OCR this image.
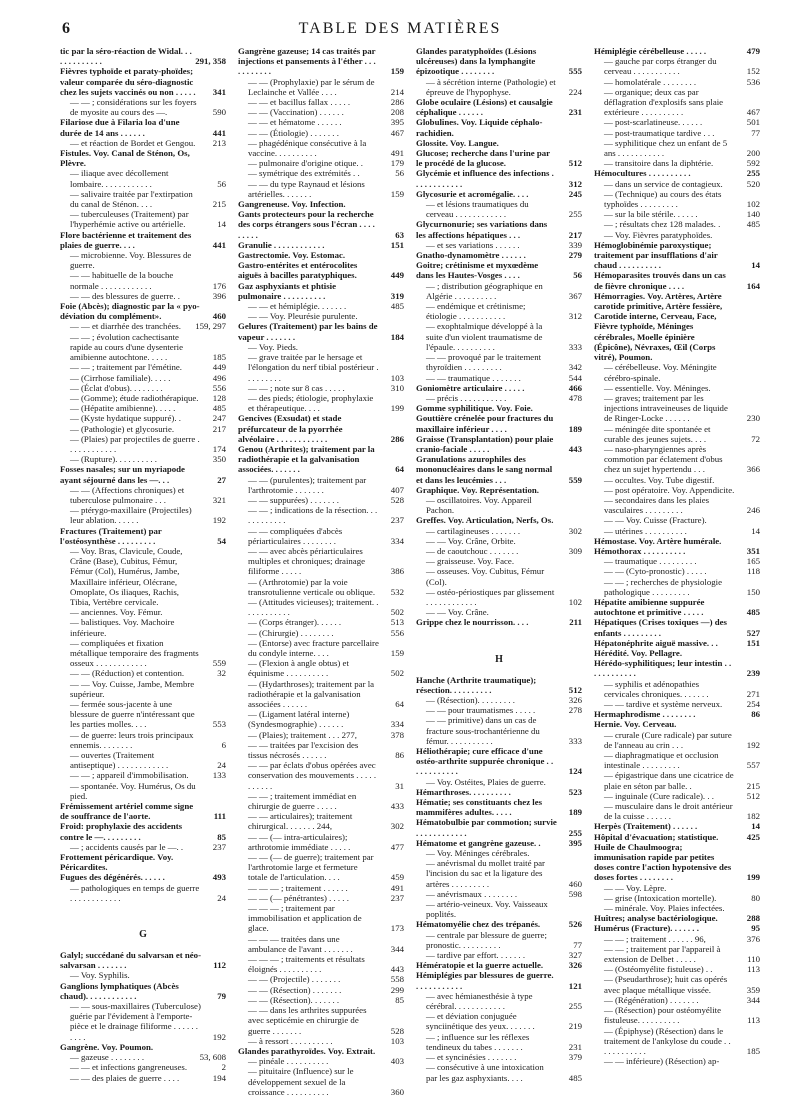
6	TABLE DES MATIÈRES
tic par la séro-réaction de Widal. . . . . . . . . . . . .	291, 358
Fièvres typhoïde et paraty-phoïdes; valeur comparée du séro-diagnostic chez les sujets vaccinés ou non . . . . .	341
— — ; considérations sur les foyers de myosite au cours des —.	590
Filariose due à Filaria loa d'une durée de 14 ans . . . . . .	441
— et réaction de Bordet et Gengou.	213
Fistules. Voy. Canal de Sténon, Os, Plèvre.
— iliaque avec décollement lombaire. . . . . . . . . . . .	56
— salivaire traitée par l'extirpation du canal de Sténon. . . .	215
— tuberculeuses (Traitement) par l'hyperhémie active ou artérielle.	14
Flore bactérienne et traitement des plaies de guerre. . . .	441
— microbienne. Voy. Blessures de guerre.
— — habituelle de la bouche normale . . . . . . . . . . . .	176
— — des blessures de guerre. .	396
Foie (Abcès); diagnostic par la « pyo-déviation du complément».	460
— — et diarrhée des tranchées.	159, 297
— — ; évolution cachectisante rapide au cours d'une dysenterie amibienne autochtone. . . . .	185
— — ; traitement par l'émétine.	449
— (Cirrhose familiale). . . . .	496
— (Éclat d'obus). . . . . . . .	556
— (Gomme); étude radiothérapique.	128
— (Hépatite amibienne). . . . .	485
— (Kyste hydatique suppuré). .	247
— (Pathologie) et glycosurie.	217
— (Plaies) par projectiles de guerre . . . . . . . . . . . .	174
— (Rupture). . . . . . . . . .	350
Fosses nasales; sur un myriapode ayant séjourné dans les —. . .	27
— — (Affections chroniques) et tuberculose pulmonaire . . .	321
— ptérygo-maxillaire (Projectiles) leur ablation. . . . . .	192
Fractures (Traitement) par l'ostéosynthèse . . . . . . . . .	54
— Voy. Bras, Clavicule, Coude, Crâne (Base), Cubitus, Fémur, Fémur (Col), Humérus, Jambe, Maxillaire inférieur, Olécrane, Omoplate, Os iliaques, Rachis, Tibia, Vertèbre cervicale.
— anciennes. Voy. Fémur.
— balistiques. Voy. Machoire inférieure.
— compliquées et fixation métallique temporaire des fragments osseux . . . . . . . . . . . .	559
— — (Réduction) et contention.	32
— — Voy. Cuisse, Jambe, Membre supérieur.
— fermée sous-jacente à une blessure de guerre n'intéressant que les parties molles. . . .	553
— de guerre: leurs trois principaux ennemis. . . . . . . .	6
— ouvertes (Traitement antiseptique) . . . . . . . . . . . .	24
— — ; appareil d'immobilisation.	133
— spontanée. Voy. Humérus, Os du pied.
Frémissement artériel comme signe de souffrance de l'aorte.	111
Froid: prophylaxie des accidents contre le —. . . . . . . . .	85
— ; accidents causés par le —. .	237
Frottement péricardique. Voy. Péricardites.
Fugues des dégénérés. . . . . .	493
— pathologiques en temps de guerre . . . . . . . . . . . .	24
G
Galyl; succédané du salvarsan et néo-salvarsan . . . . . . .	112
— Voy. Syphilis.
Ganglions lymphatiques (Abcès chaud). . . . . . . . . . . .	79
— — sous-maxillaires (Tuberculose) guérie par l'évidement à l'emporte-pièce et le drainage filiforme . . . . . . . . . .	192
Gangrène. Voy. Poumon.
— gazeuse . . . . . . . .	53, 608
— — et infections gangreneuses.	2
— — des plaies de guerre . . . .	194
Gangrène gazeuse; 14 cas traités par injections et pansements à l'éther . . . . . . . . . . .	159
— — (Prophylaxie) par le sérum de Leclainche et Vallée . . . .	214
— — et bacillus fallax . . . . .	286
— — (Vaccination) . . . . . .	208
— — et hématome . . . . . .	395
— — (Étiologie) . . . . . . .	467
— phagédénique consécutive à la vaccine. . . . . . . . . .	491
— pulmonaire d'origine otique. .	179
— symétrique des extrémités . .	56
— — du type Raynaud et lésions artérielles. . . . . . .	159
Gangreneuse. Voy. Infection.
Gants protecteurs pour la recherche des corps étrangers sous l'écran . . . . . . . . .	63
Granulie . . . . . . . . . . . .	151
Gastrectomie. Voy. Estomac.
Gastro-entérites et entérocolites aiguës à bacilles paratyphiques.	449
Gaz asphyxiants et phtisie pulmonaire . . . . . . . . . .	319
— — et hémiplégie. . . . . . .	485
— — Voy. Pleurésie purulente.
Gelures (Traitement) par les bains de vapeur . . . . . . .	184
— Voy. Pieds.
— grave traitée par le hersage et l'élongation du nerf tibial postérieur . . . . . . . . .	103
— — ; note sur 8 cas . . . . .	310
— des pieds; étiologie, prophylaxie et thérapeutique. . . .	199
Gencives (Exsudat) et stade préfurcateur de la pyorrhée alvéolaire . . . . . . . . . . . .	286
Genou (Arthrites); traitement par la radiothérapie et la galvanisation associées. . . . . . .	64
— — (purulentes); traitement par l'arthrotomie . . . . . . .	407
— — suppurées) . . . . . . .	528
— — ; indications de la résection. . . . . . . . . . . .	237
— — compliquées d'abcès périarticulaires . . . . . . . .	334
— — avec abcès périarticulaires multiples et chroniques; drainage filiforme . . . . .	386
— (Arthrotomie) par la voie transrotulienne verticale ou oblique.	532
— (Attitudes vicieuses); traitement. . . . . . . . . . . .	502
— (Corps étranger). . . . . .	513
— (Chirurgie) . . . . . . . .	556
— (Entorse) avec fracture parcellaire du condyle interne. . . .	159
— (Flexion à angle obtus) et équinisme . . . . . . . . . .	502
— (Hydarthroses); traitement par la radiothérapie et la galvanisation associées . . . . . .	64
— (Ligament latéral interne) (Syndesmographie) . . . . . .	334
— (Plaies); traitement . . . 277,	378
— — traitées par l'excision des tissus nécrosés . . . . . .	86
— — par éclats d'obus opérées avec conservation des mouvements . . . . . . . . . . .	31
— — ; traitement immédiat en chirurgie de guerre . . . . .	433
— — articulaires); traitement chirurgical. . . . . . . 244,	302
— — (— intra-articulaires); arthrotomie immédiate . . . . .	477
— — (— de guerre); traitement par l'arthrotomie large et fermeture totale de l'articulation. . . .	459
— — — ; traitement . . . . . .	491
— — (— pénétrantes) . . . . .	237
— — — ; traitement par immobilisation et application de glace.	173
— — — traitées dans une ambulance de l'avant . . . . . . .	344
— — — ; traitements et résultats éloignés . . . . . . . . . .	443
— — (Projectile) . . . . . . .	558
— — (Résection) . . . . . . .	299
— — (Résection). . . . . . .	85
— — dans les arthrites suppurées avec septicémie en chirurgie de guerre . . . . . . .	528
— à ressort . . . . . . . . . .	103
Glandes parathyroïdes. Voy. Extrait.
— pinéale . . . . . . . . . .	403
— pituitaire (Influence) sur le développement sexuel de la croissance . . . . . . . . . .	360
Glandes paratyphoïdes (Lésions ulcéreuses) dans la lymphangite épizootique . . . . . . . .	555
— à sécrétion interne (Pathologie) et épreuve de l'hypophyse.	224
Globe oculaire (Lésions) et causalgie céphalique . . . . . .	231
Globulines. Voy. Liquide céphalo-rachidien.
Glossite. Voy. Langue.
Glucose; recherche dans l'urine par le procédé de la glucose.	512
Glycémie et influence des infections . . . . . . . . . . . .	312
Glycosurie et acromégalie. . . .	245
— et lésions traumatiques du cerveau . . . . . . . . . . . .	255
Glycurnonurie; ses variations dans les affections hépatiques . . .	217
— et ses variations . . . . . .	339
Gnatho-dynamomètre . . . . . .	279
Goitre; crétinisme et myxœdème dans les Hautes-Vosges . . . .	56
— ; distribution géographique en Algérie . . . . . . . . . .	367
— endémique et crétinisme; étiologie . . . . . . . . . . .	312
— exophtalmique développé à la suite d'un violent traumatisme de l'épaule. . . . . . . . . .	333
— — provoqué par le traitement thyroïdien . . . . . . . . .	342
— — traumatique . . . . . . .	544
Goniomètre articulaire . . . . .	466
— précis . . . . . . . . . . .	478
Gomme syphilitique. Voy. Foie.
Gouttière crénelée pour fractures du maxillaire inférieur . . . .	189
Graisse (Transplantation) pour plaie cranio-faciale . . . . .	443
Granulations azurophiles des mononucléaires dans le sang normal et dans les leucémies . . .	559
Graphique. Voy. Représentation.
— oscillatoires. Voy. Appareil Pachon.
Greffes. Voy. Articulation, Nerfs, Os.
— cartilagineuses . . . . . . .	302
— — Voy. Crâne, Orbite.
— de caoutchouc . . . . . . .	309
— graisseuse. Voy. Face.
— osseuses. Voy. Cubitus, Fémur (Col).
— ostéo-périostiques par glissement . . . . . . . . . . . .	102
— — Voy. Crâne.
Grippe chez le nourrisson. . . .	211
H
Hanche (Arthrite traumatique); résection. . . . . . . . . .	512
— (Résection). . . . . . . . .	326
— — pour traumatismes . . . . .	278
— — primitive) dans un cas de fracture sous-trochantérienne du fémur. . . . . . . . . . .	333
Héliothérapie; cure efficace d'une ostéo-arthrite suppurée chronique . . . . . . . . . . . .	124
— Voy. Ostéites, Plaies de guerre.
Hémarthroses. . . . . . . . . .	523
Hématie; ses constituants chez les mammifères adultes. . . . .	189
Hématobulbie par commotion; survie . . . . . . . . . . . .	255
Hématome et gangrène gazeuse. .	395
— Voy. Méninges cérébrales.
— anévrismal du mollet traité par l'incision du sac et la ligature des artères . . . . . . . . .	460
— anévrismaux . . . . . . . .	598
— artério-veineux. Voy. Vaisseaux poplités.
Hématomyélie chez des trépanés.	526
— centrale par blessure de guerre; pronostic. . . . . . . . . .	77
— tardive par effort. . . . . . .	327
Hémératopie et la guerre actuelle.	326
Hémiplégies par blessures de guerre. . . . . . . . . . . .	121
— avec hémianesthésie à type cérébral. . . . . . . . . . . .	255
— et déviation conjuguée synciinétique des yeux. . . . . . .	219
— ; influence sur les réflexes tendineux du tabes . . . . . . .	231
— et syncinésies . . . . . . .	379
— consécutive à une intoxication par les gaz asphyxiants. . . .	485
Hémiplégie cérébelleuse . . . . .	479
— gauche par corps étranger du cerveau . . . . . . . . . . .	152
— homolatérale . . . . . . . .	536
— organique; deux cas par déflagration d'explosifs sans plaie extérieure . . . . . . . . . .	467
— post-scarlatineuse. . . . . .	501
— post-traumatique tardive . . .	77
— syphilitique chez un enfant de 5 ans . . . . . . . . . . .	200
— transitoire dans la diphtérie.	592
Hémocultures . . . . . . . . . .	255
— dans un service de contagieux.	520
— (Technique) au cours des états typhoïdes . . . . . . . . .	102
— sur la bile stérile. . . . . .	140
— ; résultats chez 128 malades. .	485
— Voy. Fièvres paratyphoïdes.
Hémoglobinémie paroxystique; traitement par insufflations d'air chaud . . . . . . . . . .	14
Hémoparasites trouvés dans un cas de fièvre chronique . . . .	164
Hémorragies. Voy. Artères, Artère carotide primitive, Artère fessière, Carotide interne, Cerveau, Face, Fièvre typhoïde, Méninges cérébrales, Moelle épinière (Épicône), Névraxes, Œil (Corps vitré), Poumon.
— cérébelleuse. Voy. Méningite cérébro-spinale.
— essentielle. Voy. Méninges.
— graves; traitement par les injections intraveineuses de liquide de Ringer-Locke . . . . . .	230
— méningée dite spontanée et curable des jeunes sujets. . . .	72
— naso-pharyngiennes après commotion par éclatement d'obus chez un sujet hypertendu . . .	366
— occultes. Voy. Tube digestif.
— post opératoire. Voy. Appendicite.
— secondaires dans les plaies vasculaires . . . . . . . . .	246
— — Voy. Cuisse (Fracture).
— utérines . . . . . . . . . .	14
Hémostase. Voy. Artère humérale.
Hémothorax . . . . . . . . . .	351
— traumatique . . . . . . . . .	165
— — (Cyto-pronostic) . . . . .	118
— — ; recherches de physiologie pathologique . . . . . . . . .	150
Hépatite amibienne suppurée autochtone et primitive . . . . .	485
Hépatiques (Crises toxiques —) des enfants . . . . . . . . .	527
Hépatonéphrite aiguë massive. . .	151
Hérédité. Voy. Pellagre.
Hérédo-syphilitiques; leur intestin . . . . . . . . . . . .	239
— syphilis et adénopathies cervicales chroniques. . . . . . .	271
— — tardive et système nerveux.	254
Hermaphrodisme . . . . . . . .	86
Hernie. Voy. Cerveau.
— crurale (Cure radicale) par suture de l'anneau au crin . . .	192
— diaphragmatique et occlusion intestinale . . . . . . . . .	557
— épigastrique dans une cicatrice de plaie en séton par balle. .	215
— inguinale (Cure radicale). . .	512
— musculaire dans le droit antérieur de la cuisse . . . . . .	182
Herpès (Traitement) . . . . . .	14
Hôpital d'évacuation; statistique.	425
Huile de Chaulmoogra; immunisation rapide par petites doses contre l'action hypotensive des doses fortes . . . . . . . .	199
— — Voy. Lèpre.
— grise (Intoxication mortelle).	80
— minérale. Voy. Plaies infectées.
Huîtres; analyse bactériologique.	288
Humérus (Fracture). . . . . . .	95
— — ; traitement . . . . . . 96,	376
— — ; traitement par l'appareil à extension de Delbet . . . . .	110
— (Ostéomyélite fistuleuse) . .	113
— (Pseudarthrose); huit cas opérés avec plaque métallique vissée.	359
— (Régénération) . . . . . . .	344
— (Résection) pour ostéomyélite fistuleuse. . . . . . . . . .	113
— (Épiphyse) (Résection) dans le traitement de l'ankylose du coude . . . . . . . . . . . .	185
— — inférieure) (Résection) ap-
